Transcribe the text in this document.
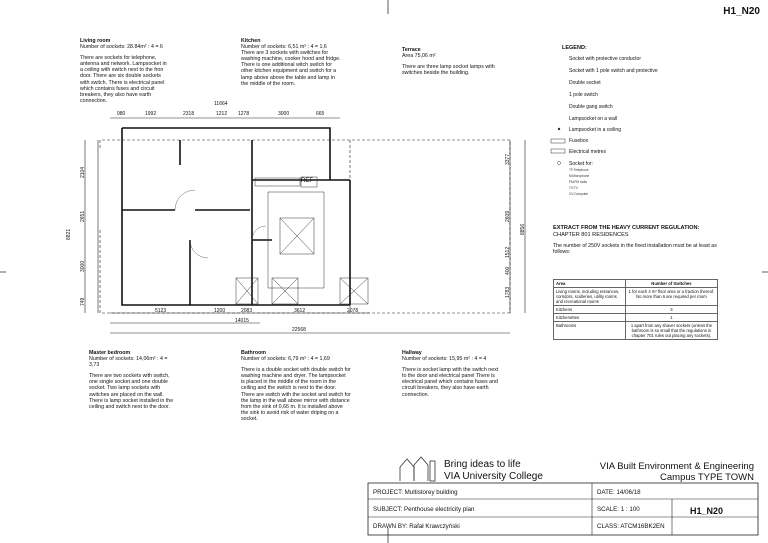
H1_N20

Living room

Number of sockets: 28.84m² : 4 = 6

There are sockets for telephone, antenna and network. Lampsocket in a ceiling with switch next to the fron door. There are six double sockets with switch. There is electrical panel which contains fuses and circuit breakers, they also have earth connection.

Kitchen

Number of sockets: 6,51 m² : 4 = 1,6

There are 3 sockets with switches for washing machine, cooker hood and fridge. There is one additional witch switch for other kitchen equipment and switch for a lamp above above the table and lamp in the middle of the room.

Terrace

Area 75,06 m²

There are three lamp socket lamps with switches beside the building.

Master bedroom

Number of sockets: 14,06m² : 4 = 3,73

There are two sockets with switch, one single socket and one double socket. Two lamp sockets with switches are placed on the wall. There is lamp socket installed in the ceiling and switch next to the door.

Bathroom

Number of sockets: 6,79 m² : 4 = 1,69

There is a double socket with double switch for washing machine and dryer. The lampsocket is placed in the middle of the room in the ceiling and the switch is next to the door. There are switch with the socket and switch for the lamp in the wall above mirror with distance from the sink of 0,66 m. It is installed above the sink to avoid risk of water driping on a socket.

Hallway

Number of sockets: 15,95 m² : 4 = 4

There is socket lamp with the switch next to the door and electrical panel There is electrical panel which contains fuses and circuit breakers, they also have earth connection.

REF
11664
980	1992	2318	1212 1278	3000	665
5123	1200	2083	3612	2078
14015
22568
2104
2651
3000
749
8821
3377
2609
1512
400
1783
8856
LEGEND:
Socket with protective conductor
Socket with 1 pole switch and protective
Double socket
1 pole switch
Double gang switch
Lampsocket on a wall
Lampsocket in a ceiling
Fusebox
Electrical metres
Socket for:
TF:Telephone
M:Microphone
FM:FM radio
TV:TV
CV:Computer
EXTRACT FROM THE HEAVY CURRENT REGULATION:
CHAPTER 801 RESIDENCES
The number of 250V sockets in the fixed installation must be at least as follows:
Area	Number of Switches
Living rooms, including entrances, corridors, sculleries, utility rooms and recreational rooms	1 for each 4 m² floor area or a fraction thereof. No more than 6 are required per room
Kitchens	3
Kitchenettes	1
Bathrooms	1 apart from any shaver sockets (unless the bathroom is so small that the regulations in chapter 701 rules out placing any sockets).
Bring ideas to life
VIA University College
VIA Built Environment & Engineering
Campus TYPE TOWN
PROJECT: Multistorey building	DATE: 14/06/18
SUBJECT: Penthouse electricity plan	SCALE: 1 : 100
DRAWN BY: Rafał Krawczyński	CLASS: ATCM16BK2EN
H1_N20
